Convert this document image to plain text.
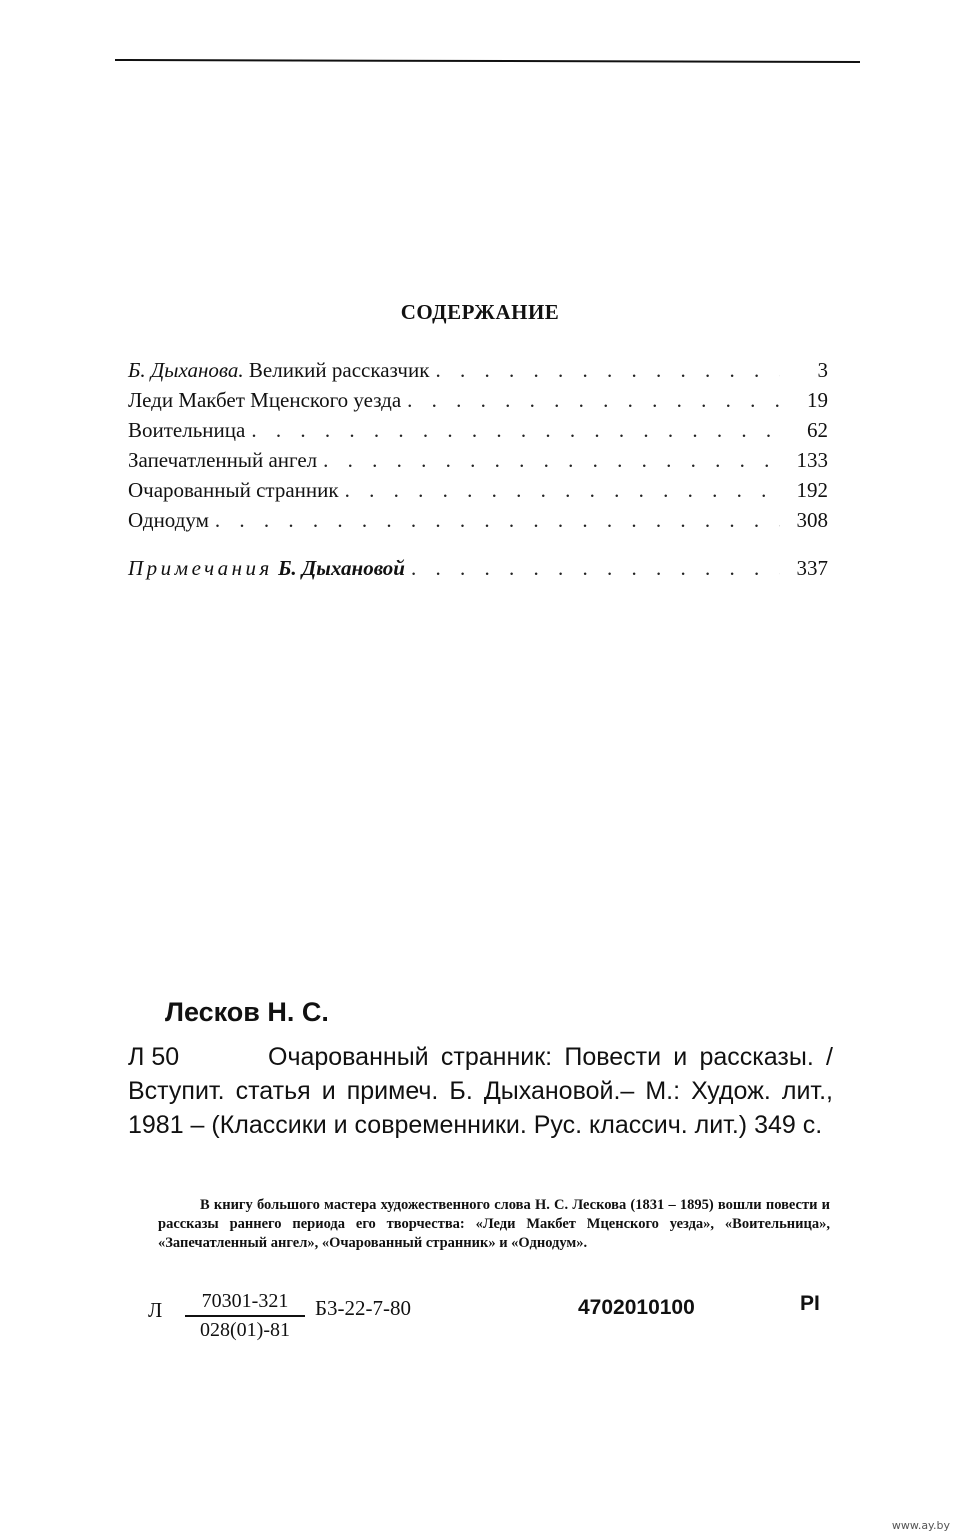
СОДЕРЖАНИЕ
Б. Дыханова.
Великий рассказчик . . .	3
Леди Макбет Мценского уезда . . .	19
Воительница . . .	62
Запечатленный ангел . . .	133
Очарованный странник . . .	192
Однодум . . .	308
Примечания
Б. Дыхановой . . .	337
Лесков Н. С.
Л 50	Очарованный странник: Повести и рассказы. /Вступит. статья и примеч. Б. Дыхановой.– М.: Худож. лит., 1981 – (Классики и современники. Рус. классич. лит.) 349 с.
В книгу большого мастера художественного слова Н. С. Лескова (1831 – 1895) вошли повести и рассказы раннего периода его творчества: «Леди Макбет Мценского уезда», «Воительница», «Запечатленный ангел», «Очарованный странник» и «Однодум».
Л $\frac{70301-321}{028(01)-81} Б3-22-7-80$	4702010100	PI
www.ay.by
